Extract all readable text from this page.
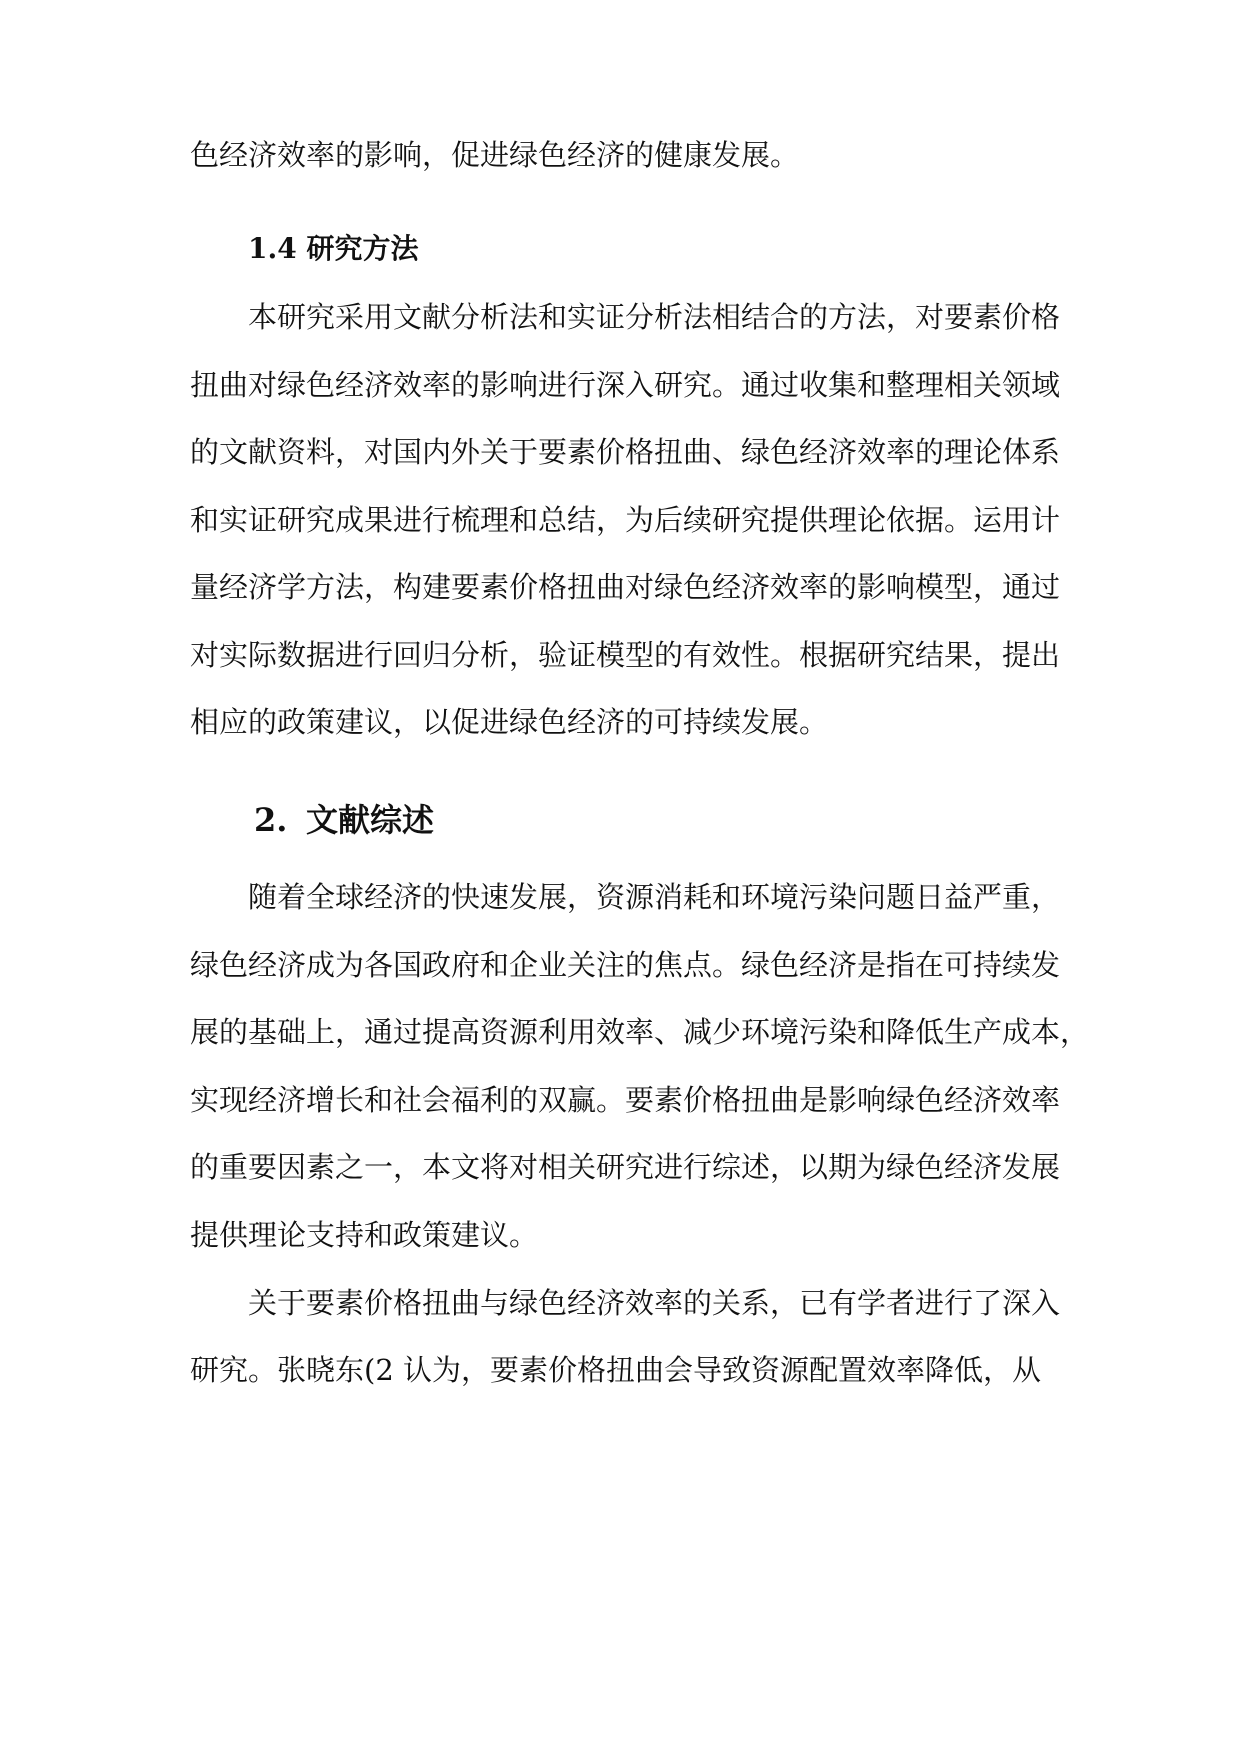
色经济效率的影响，促进绿色经济的健康发展。
1.4 研究方法
本研究采用文献分析法和实证分析法相结合的方法，对要素价格
扭曲对绿色经济效率的影响进行深入研究。通过收集和整理相关领域
的文献资料，对国内外关于要素价格扭曲、绿色经济效率的理论体系
和实证研究成果进行梳理和总结，为后续研究提供理论依据。运用计
量经济学方法，构建要素价格扭曲对绿色经济效率的影响模型，通过
对实际数据进行回归分析，验证模型的有效性。根据研究结果，提出
相应的政策建议，以促进绿色经济的可持续发展。
2. 文献综述
随着全球经济的快速发展，资源消耗和环境污染问题日益严重，
绿色经济成为各国政府和企业关注的焦点。绿色经济是指在可持续发
展的基础上，通过提高资源利用效率、减少环境污染和降低生产成本，
实现经济增长和社会福利的双赢。要素价格扭曲是影响绿色经济效率
的重要因素之一，本文将对相关研究进行综述，以期为绿色经济发展
提供理论支持和政策建议。
关于要素价格扭曲与绿色经济效率的关系，已有学者进行了深入
研究。张晓东(2 认为，要素价格扭曲会导致资源配置效率降低，从
